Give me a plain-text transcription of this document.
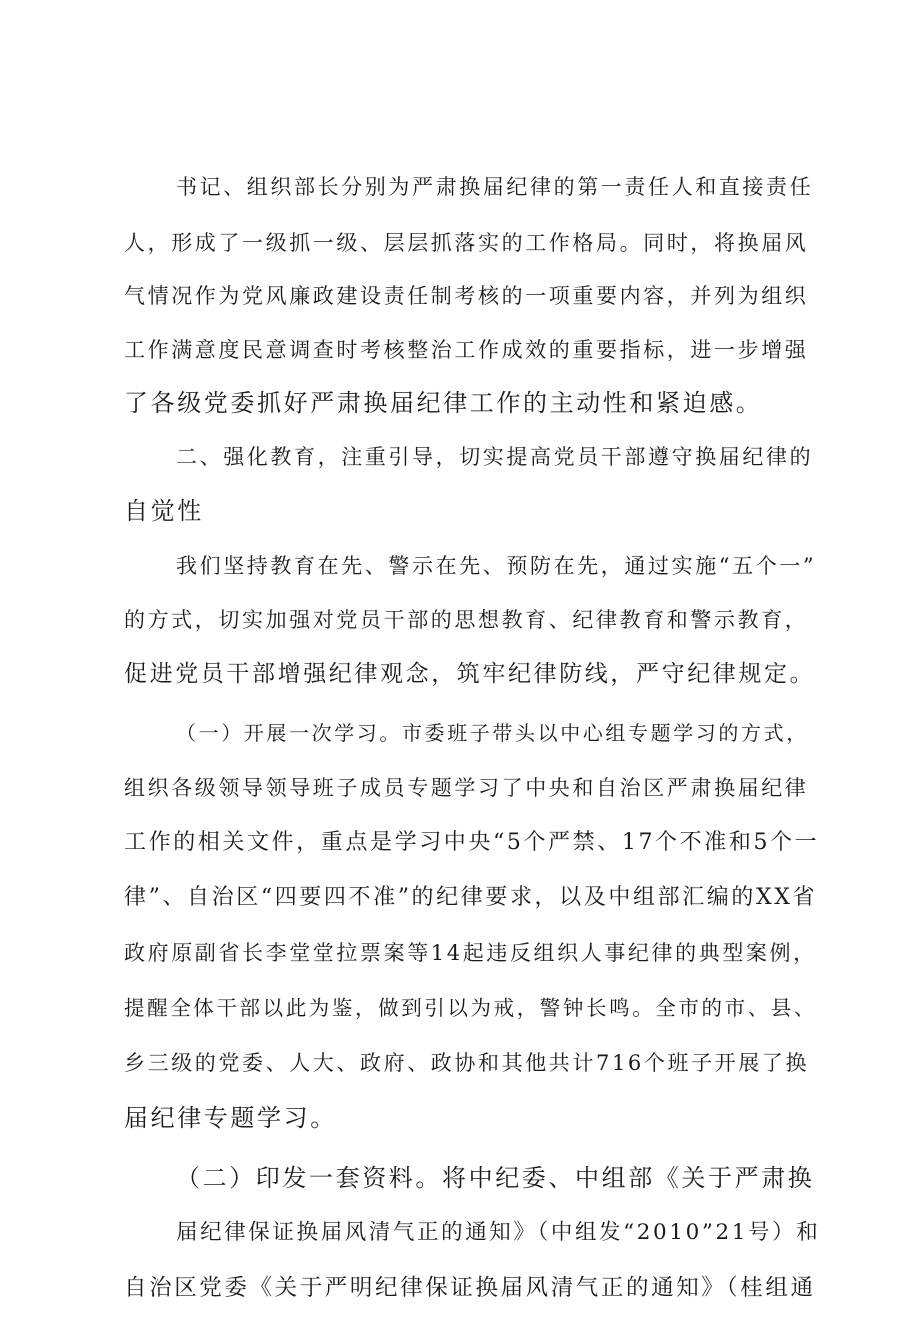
书记、组织部长分别为严肃换届纪律的第一责任人和直接责任
人，形成了一级抓一级、层层抓落实的工作格局。同时，将换届风
气情况作为党风廉政建设责任制考核的一项重要内容，并列为组织
工作满意度民意调查时考核整治工作成效的重要指标，进一步增强
了各级党委抓好严肃换届纪律工作的主动性和紧迫感。
二、强化教育，注重引导，切实提高党员干部遵守换届纪律的
自觉性
我们坚持教育在先、警示在先、预防在先，通过实施“五个一”
的方式，切实加强对党员干部的思想教育、纪律教育和警示教育，
促进党员干部增强纪律观念，筑牢纪律防线，严守纪律规定。
（一）开展一次学习。市委班子带头以中心组专题学习的方式，
组织各级领导领导班子成员专题学习了中央和自治区严肃换届纪律
工作的相关文件，重点是学习中央“5个严禁、17个不准和5个一
律”、自治区“四要四不准”的纪律要求，以及中组部汇编的XX省
政府原副省长李堂堂拉票案等14起违反组织人事纪律的典型案例，
提醒全体干部以此为鉴，做到引以为戒，警钟长鸣。全市的市、县、
乡三级的党委、人大、政府、政协和其他共计716个班子开展了换
届纪律专题学习。
（二）印发一套资料。将中纪委、中组部《关于严肃换
届纪律保证换届风清气正的通知》（中组发“2010”21号）和
自治区党委《关于严明纪律保证换届风清气正的通知》（桂组通
